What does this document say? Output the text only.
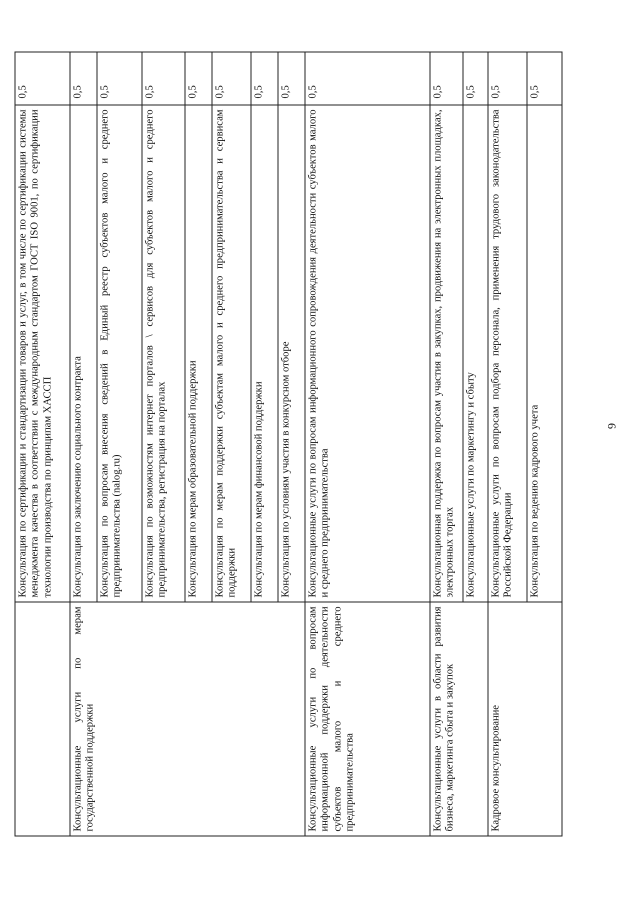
6
	Консультация по сертификации и стандартизации товаров и услуг, в том числе по сертификации системы менеджмента качества в соответствии с международным стандартом ГОСТ ISO 9001, по сертификации технологии производства по принципам ХАССП	0,5
Консультационные услуги по мерам государственной поддержки	Консультация по заключению социального контракта	0,5
	Консультация по вопросам внесения сведений в Единый реестр субъектов малого и среднего предпринимательства (nalog.ru)	0,5
	Консультация по возможностям интернет порталов \ сервисов для субъектов малого и среднего предпринимательства, регистрация на порталах	0,5
	Консультация по мерам образовательной поддержки	0,5
	Консультация по мерам поддержки субъектам малого и среднего предпринимательства и сервисам поддержки	0,5
	Консультация по мерам финансовой поддержки	0,5
	Консультация по условиям участия в конкурсном отборе	0,5
Консультационные услуги по вопросам информационной поддержки деятельности субъектов малого и среднего предпринимательства	Консультационные услуги по вопросам информационного сопровождения деятельности субъектов малого и среднего предпринимательства	0,5
Консультационные услуги в области развития бизнеса, маркетинга сбыта и закупок	Консультационная поддержка по вопросам участия в закупках, продвижения на электронных площадках, электронных торгах	0,5
	Консультационные услуги по маркетингу и сбыту	0,5
Кадровое консультирование	Консультационные услуги по вопросам подбора персонала, применения трудового законодательства Российской Федерации	0,5
	Консультация по ведению кадрового учета	0,5
